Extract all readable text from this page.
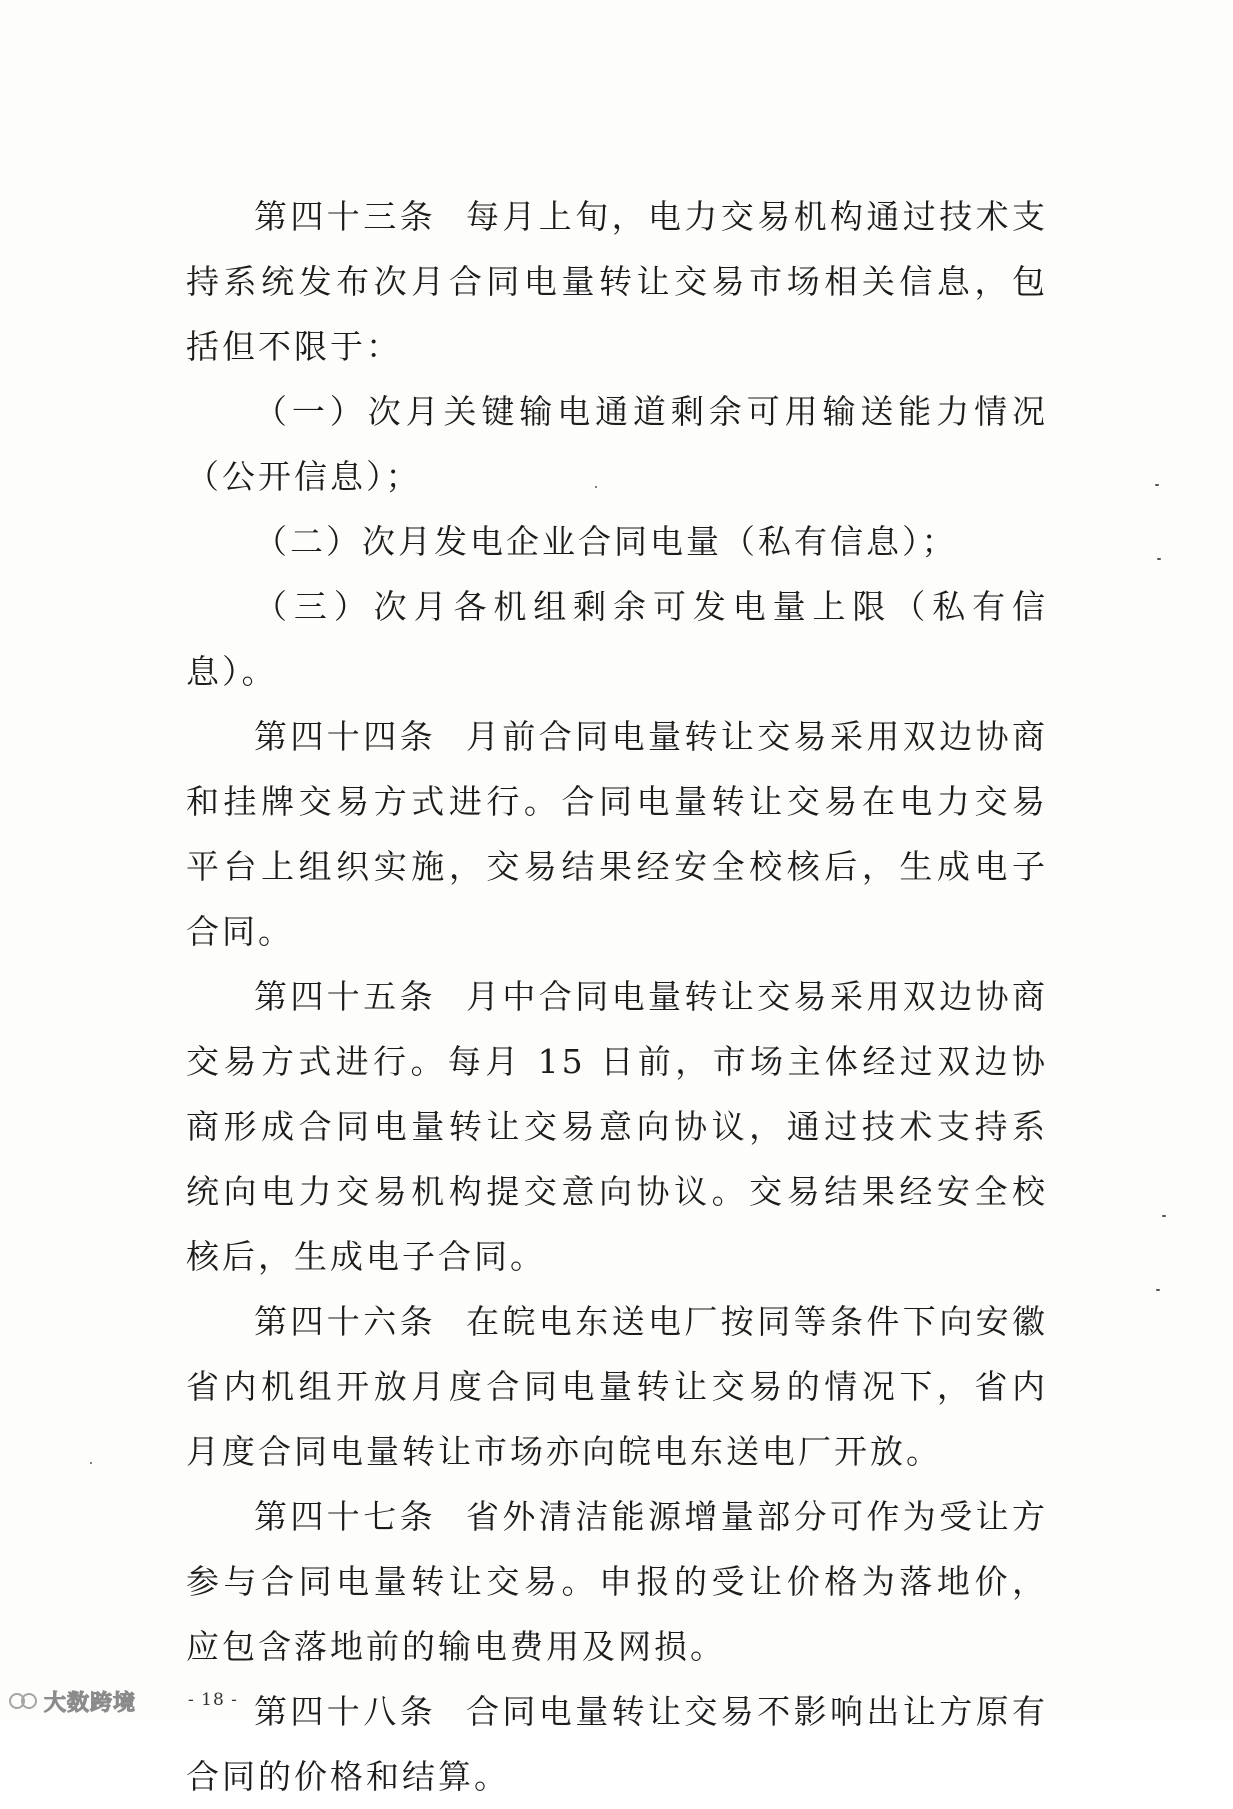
第四十三条 每月上旬，电力交易机构通过技术支持系统发布次月合同电量转让交易市场相关信息，包括但不限于：

（一）次月关键输电通道剩余可用输送能力情况（公开信息）；

（二）次月发电企业合同电量（私有信息）；

（三）次月各机组剩余可发电量上限（私有信息）。

第四十四条 月前合同电量转让交易采用双边协商和挂牌交易方式进行。合同电量转让交易在电力交易平台上组织实施，交易结果经安全校核后，生成电子合同。

第四十五条 月中合同电量转让交易采用双边协商交易方式进行。每月 15 日前，市场主体经过双边协商形成合同电量转让交易意向协议，通过技术支持系统向电力交易机构提交意向协议。交易结果经安全校核后，生成电子合同。

第四十六条 在皖电东送电厂按同等条件下向安徽省内机组开放月度合同电量转让交易的情况下，省内月度合同电量转让市场亦向皖电东送电厂开放。

第四十七条 省外清洁能源增量部分可作为受让方参与合同电量转让交易。申报的受让价格为落地价，应包含落地前的输电费用及网损。

第四十八条 合同电量转让交易不影响出让方原有合同的价格和结算。

- 18 -
大数跨境
